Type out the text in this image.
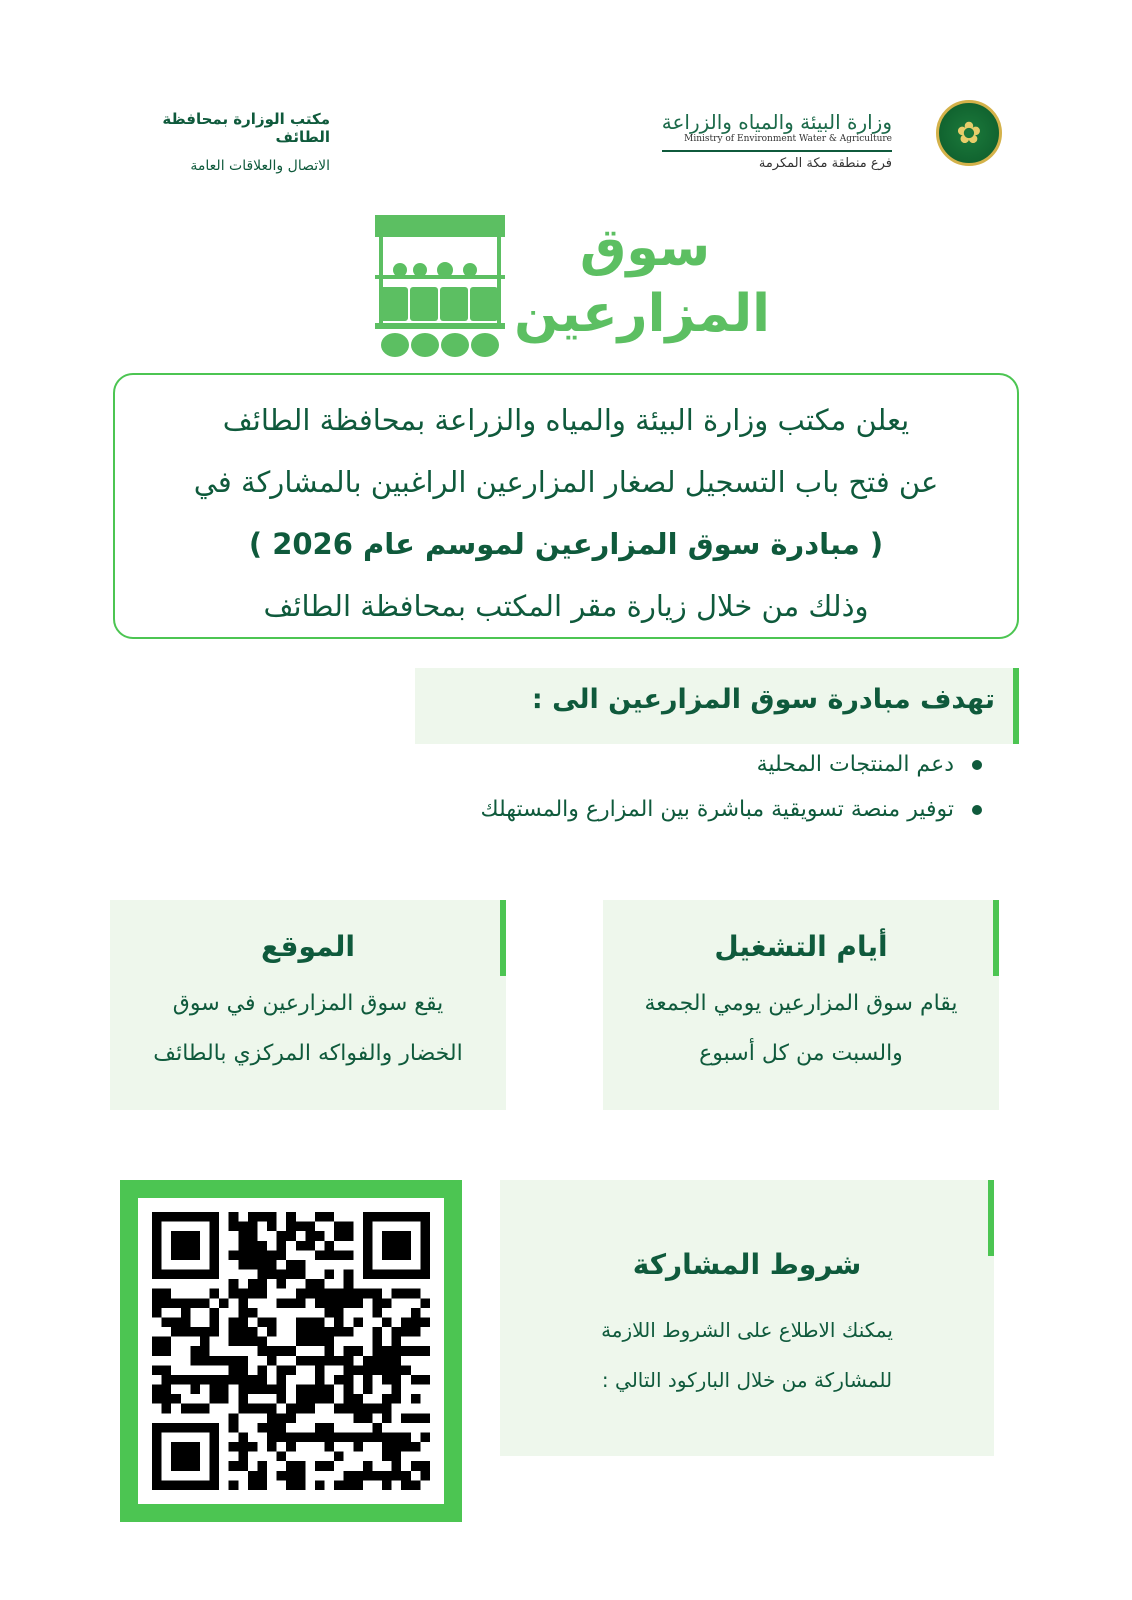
✿
وزارة البيئة والمياه والزراعة
Ministry of Environment Water & Agriculture
فرع منطقة مكة المكرمة
مكتب الوزارة بمحافظة الطائف
الاتصال والعلاقات العامة
سوق
المزارعين
يعلن مكتب وزارة البيئة والمياه والزراعة بمحافظة الطائف
عن فتح باب التسجيل لصغار المزارعين الراغبين بالمشاركة في
( مبادرة سوق المزارعين لموسم عام 2026 )
وذلك من خلال زيارة مقر المكتب بمحافظة الطائف
تهدف مبادرة سوق المزارعين الى :
دعم المنتجات المحلية
توفير منصة تسويقية مباشرة بين المزارع والمستهلك
أيام التشغيل

يقام سوق المزارعين يومي الجمعة
والسبت من كل أسبوع

الموقع

يقع سوق المزارعين في سوق
الخضار والفواكه المركزي بالطائف

شروط المشاركة

يمكنك الاطلاع على الشروط اللازمة
للمشاركة من خلال الباركود التالي :
